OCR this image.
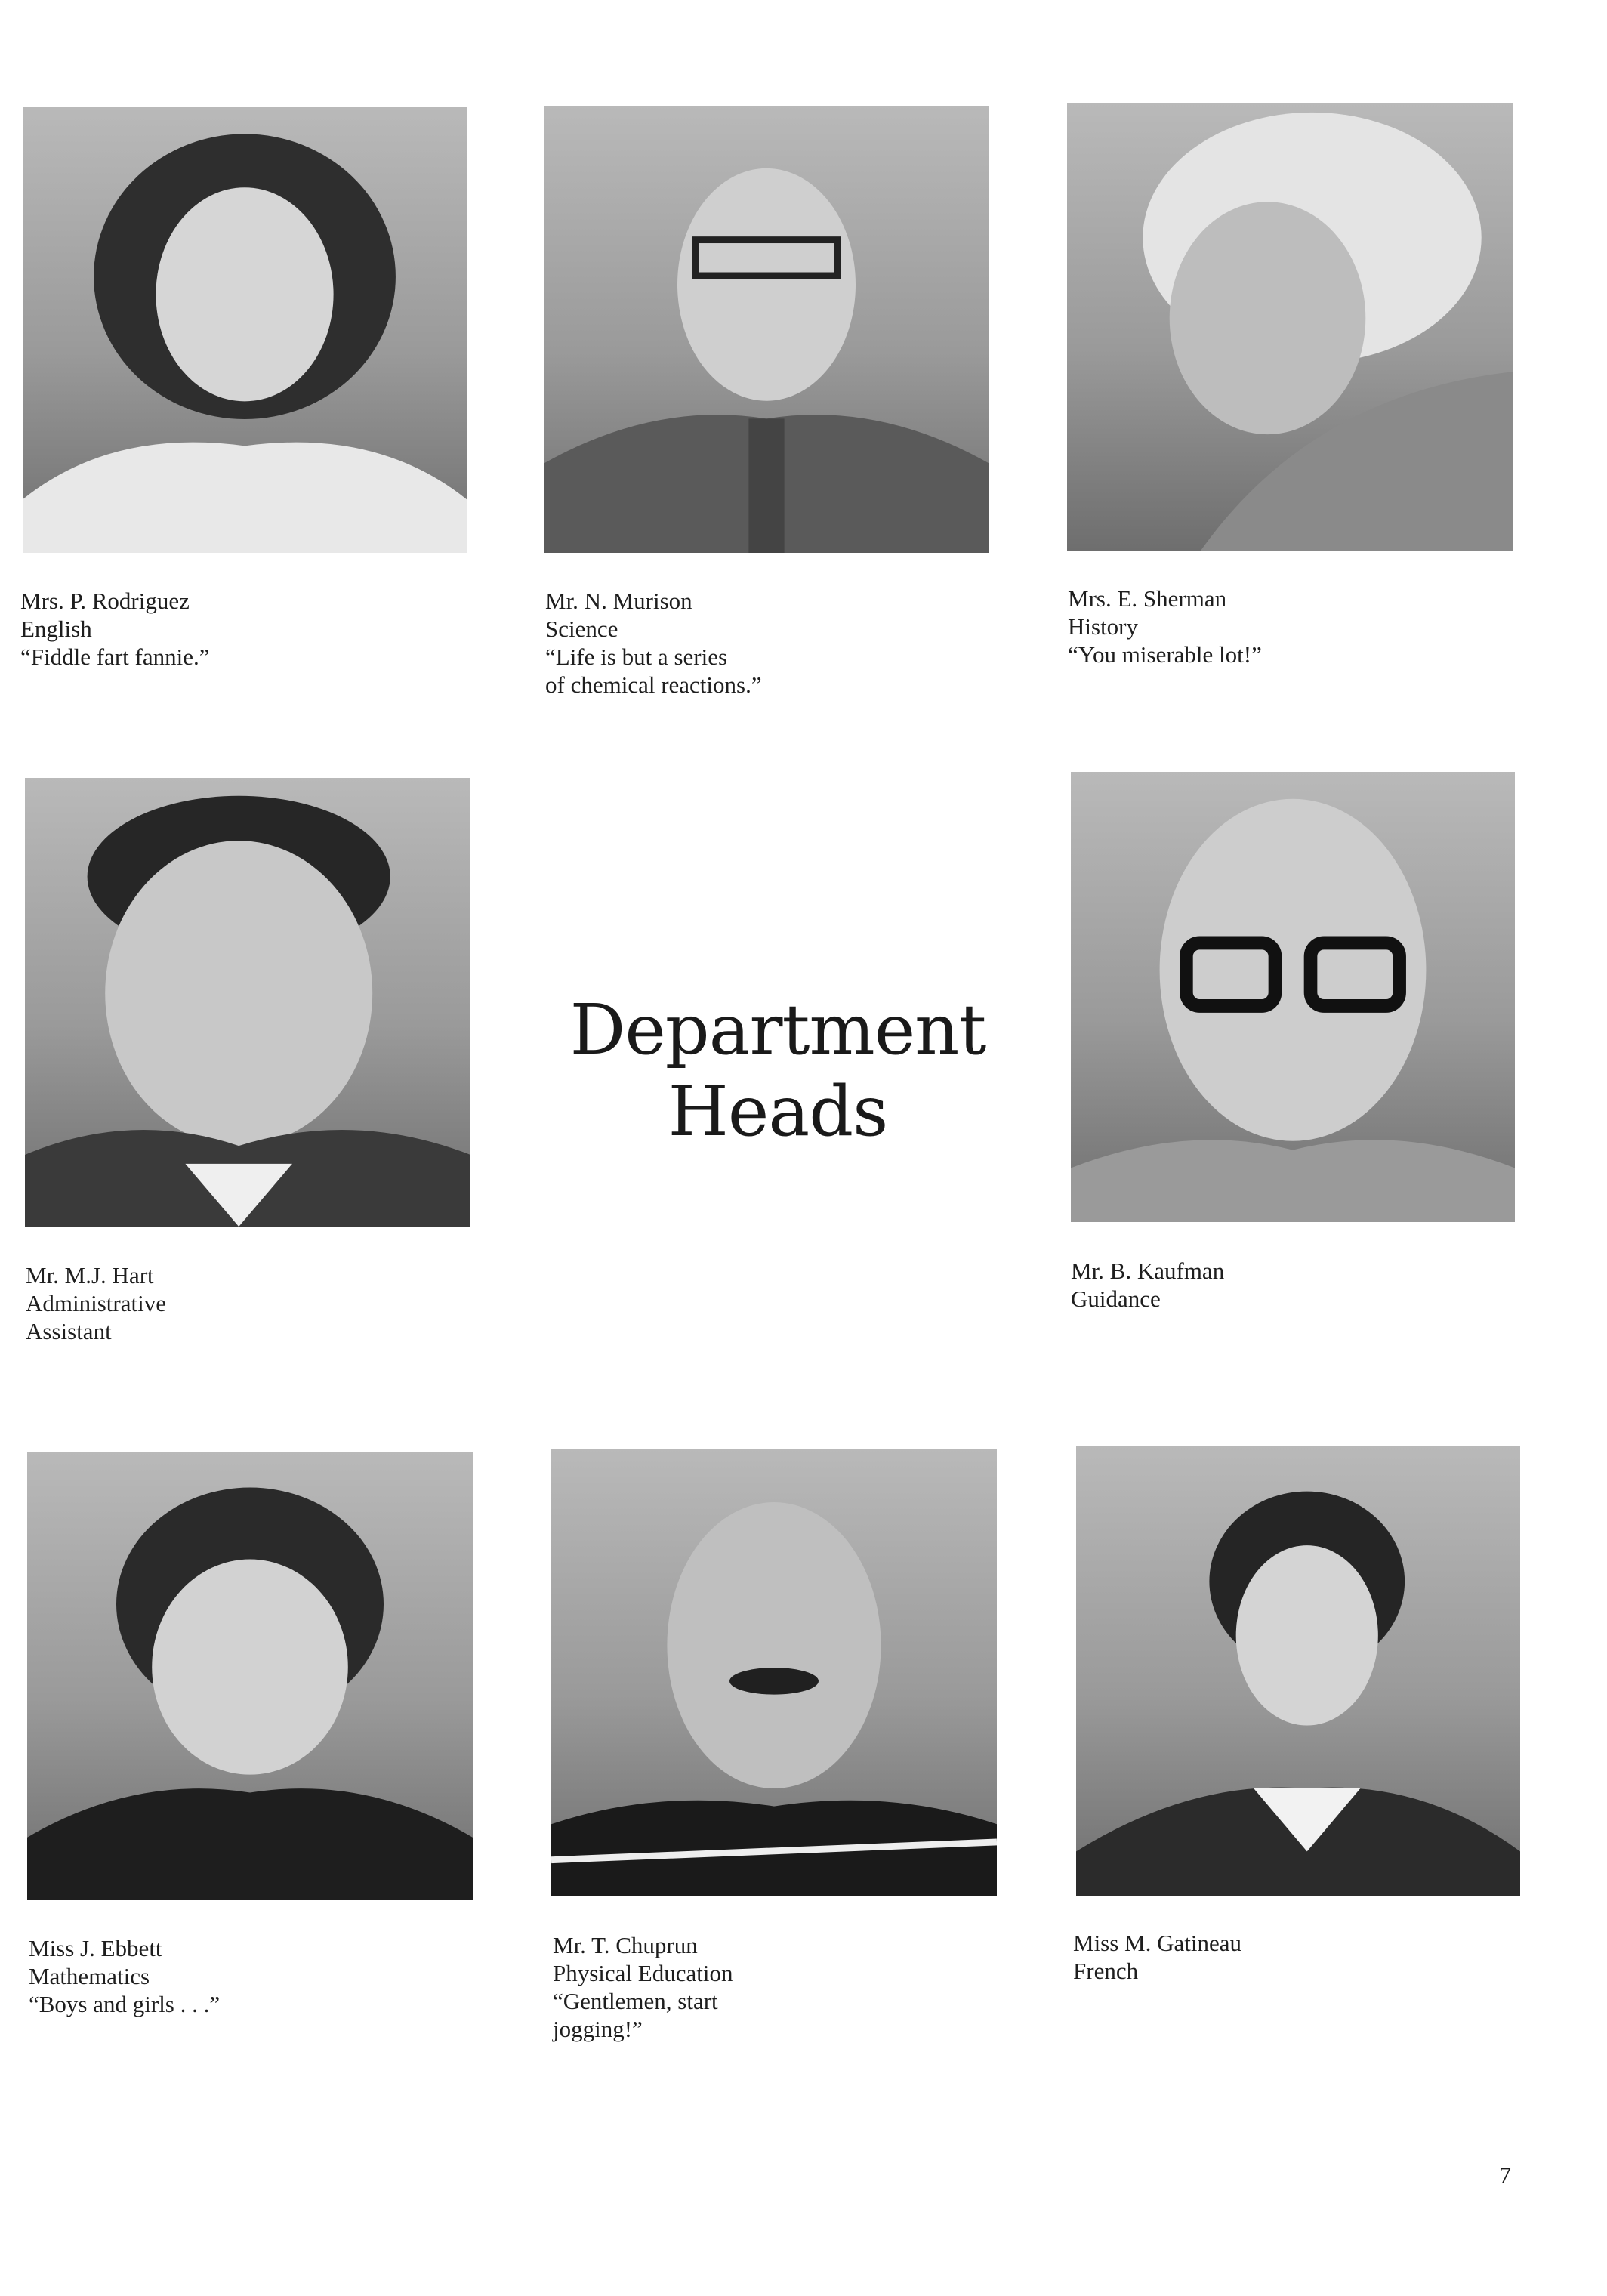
Mrs. P. Rodriguez
English
“Fiddle fart fannie.”
Mr. N. Murison
Science
“Life is but a series
of chemical reactions.”
Mrs. E. Sherman
History
“You miserable lot!”
Department
Heads
Mr. M.J. Hart
Administrative
Assistant
Mr. B. Kaufman
Guidance
Miss J. Ebbett
Mathematics
“Boys and girls . . .”
Mr. T. Chuprun
Physical Education
“Gentlemen, start
jogging!”
Miss M. Gatineau
French
7
